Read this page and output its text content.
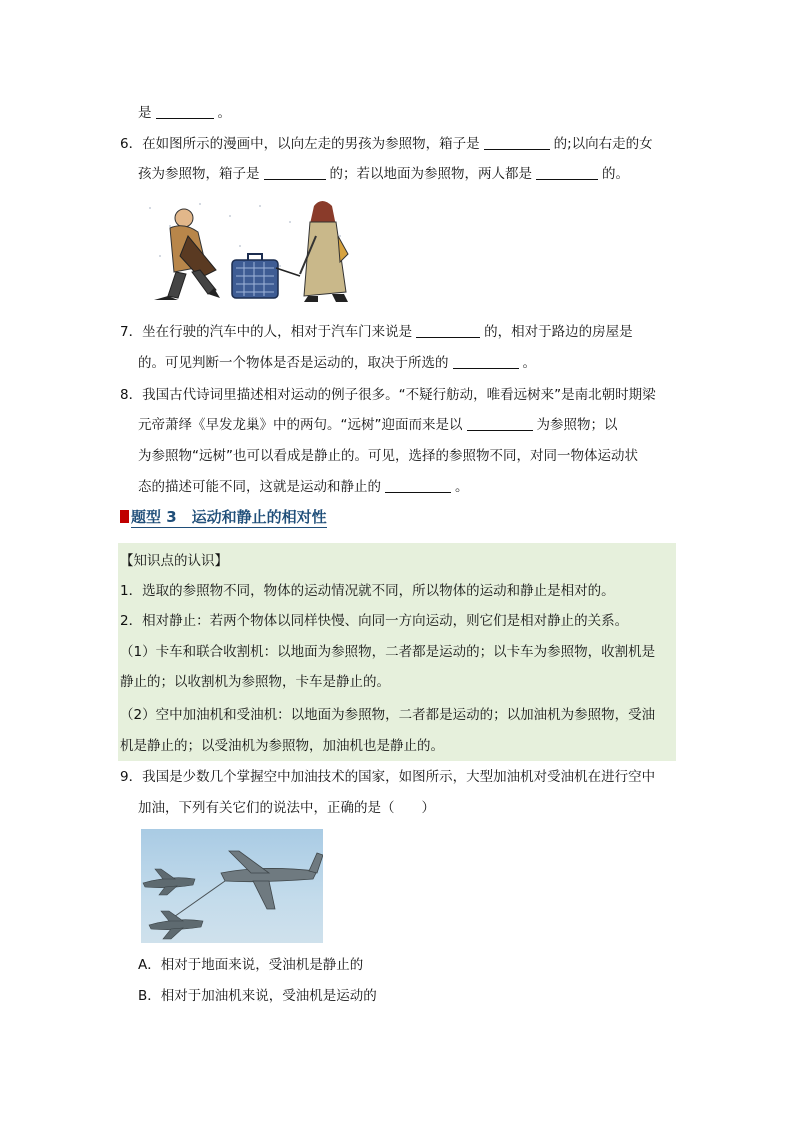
是	。
6．在如图所示的漫画中，以向左走的男孩为参照物，箱子是	的;以向右走的女
孩为参照物，箱子是	的；若以地面为参照物，两人都是	的。
7．坐在行驶的汽车中的人，相对于汽车门来说是	的，相对于路边的房屋是
的。可见判断一个物体是否是运动的，取决于所选的	。
8．我国古代诗词里描述相对运动的例子很多。“不疑行舫动，唯看远树来”是南北朝时期梁
元帝萧绎《早发龙巢》中的两句。“远树”迎面而来是以	为参照物；以
为参照物“远树”也可以看成是静止的。可见，选择的参照物不同，对同一物体运动状
态的描述可能不同，这就是运动和静止的	。
题型 3　运动和静止的相对性
【知识点的认识】
1．选取的参照物不同，物体的运动情况就不同，所以物体的运动和静止是相对的。
2．相对静止：若两个物体以同样快慢、向同一方向运动，则它们是相对静止的关系。
（1）卡车和联合收割机：以地面为参照物，二者都是运动的；以卡车为参照物，收割机是
静止的；以收割机为参照物，卡车是静止的。
（2）空中加油机和受油机：以地面为参照物，二者都是运动的；以加油机为参照物，受油
机是静止的；以受油机为参照物，加油机也是静止的。
9．我国是少数几个掌握空中加油技术的国家，如图所示，大型加油机对受油机在进行空中
加油，下列有关它们的说法中，正确的是（　　）
A．相对于地面来说，受油机是静止的
B．相对于加油机来说，受油机是运动的
